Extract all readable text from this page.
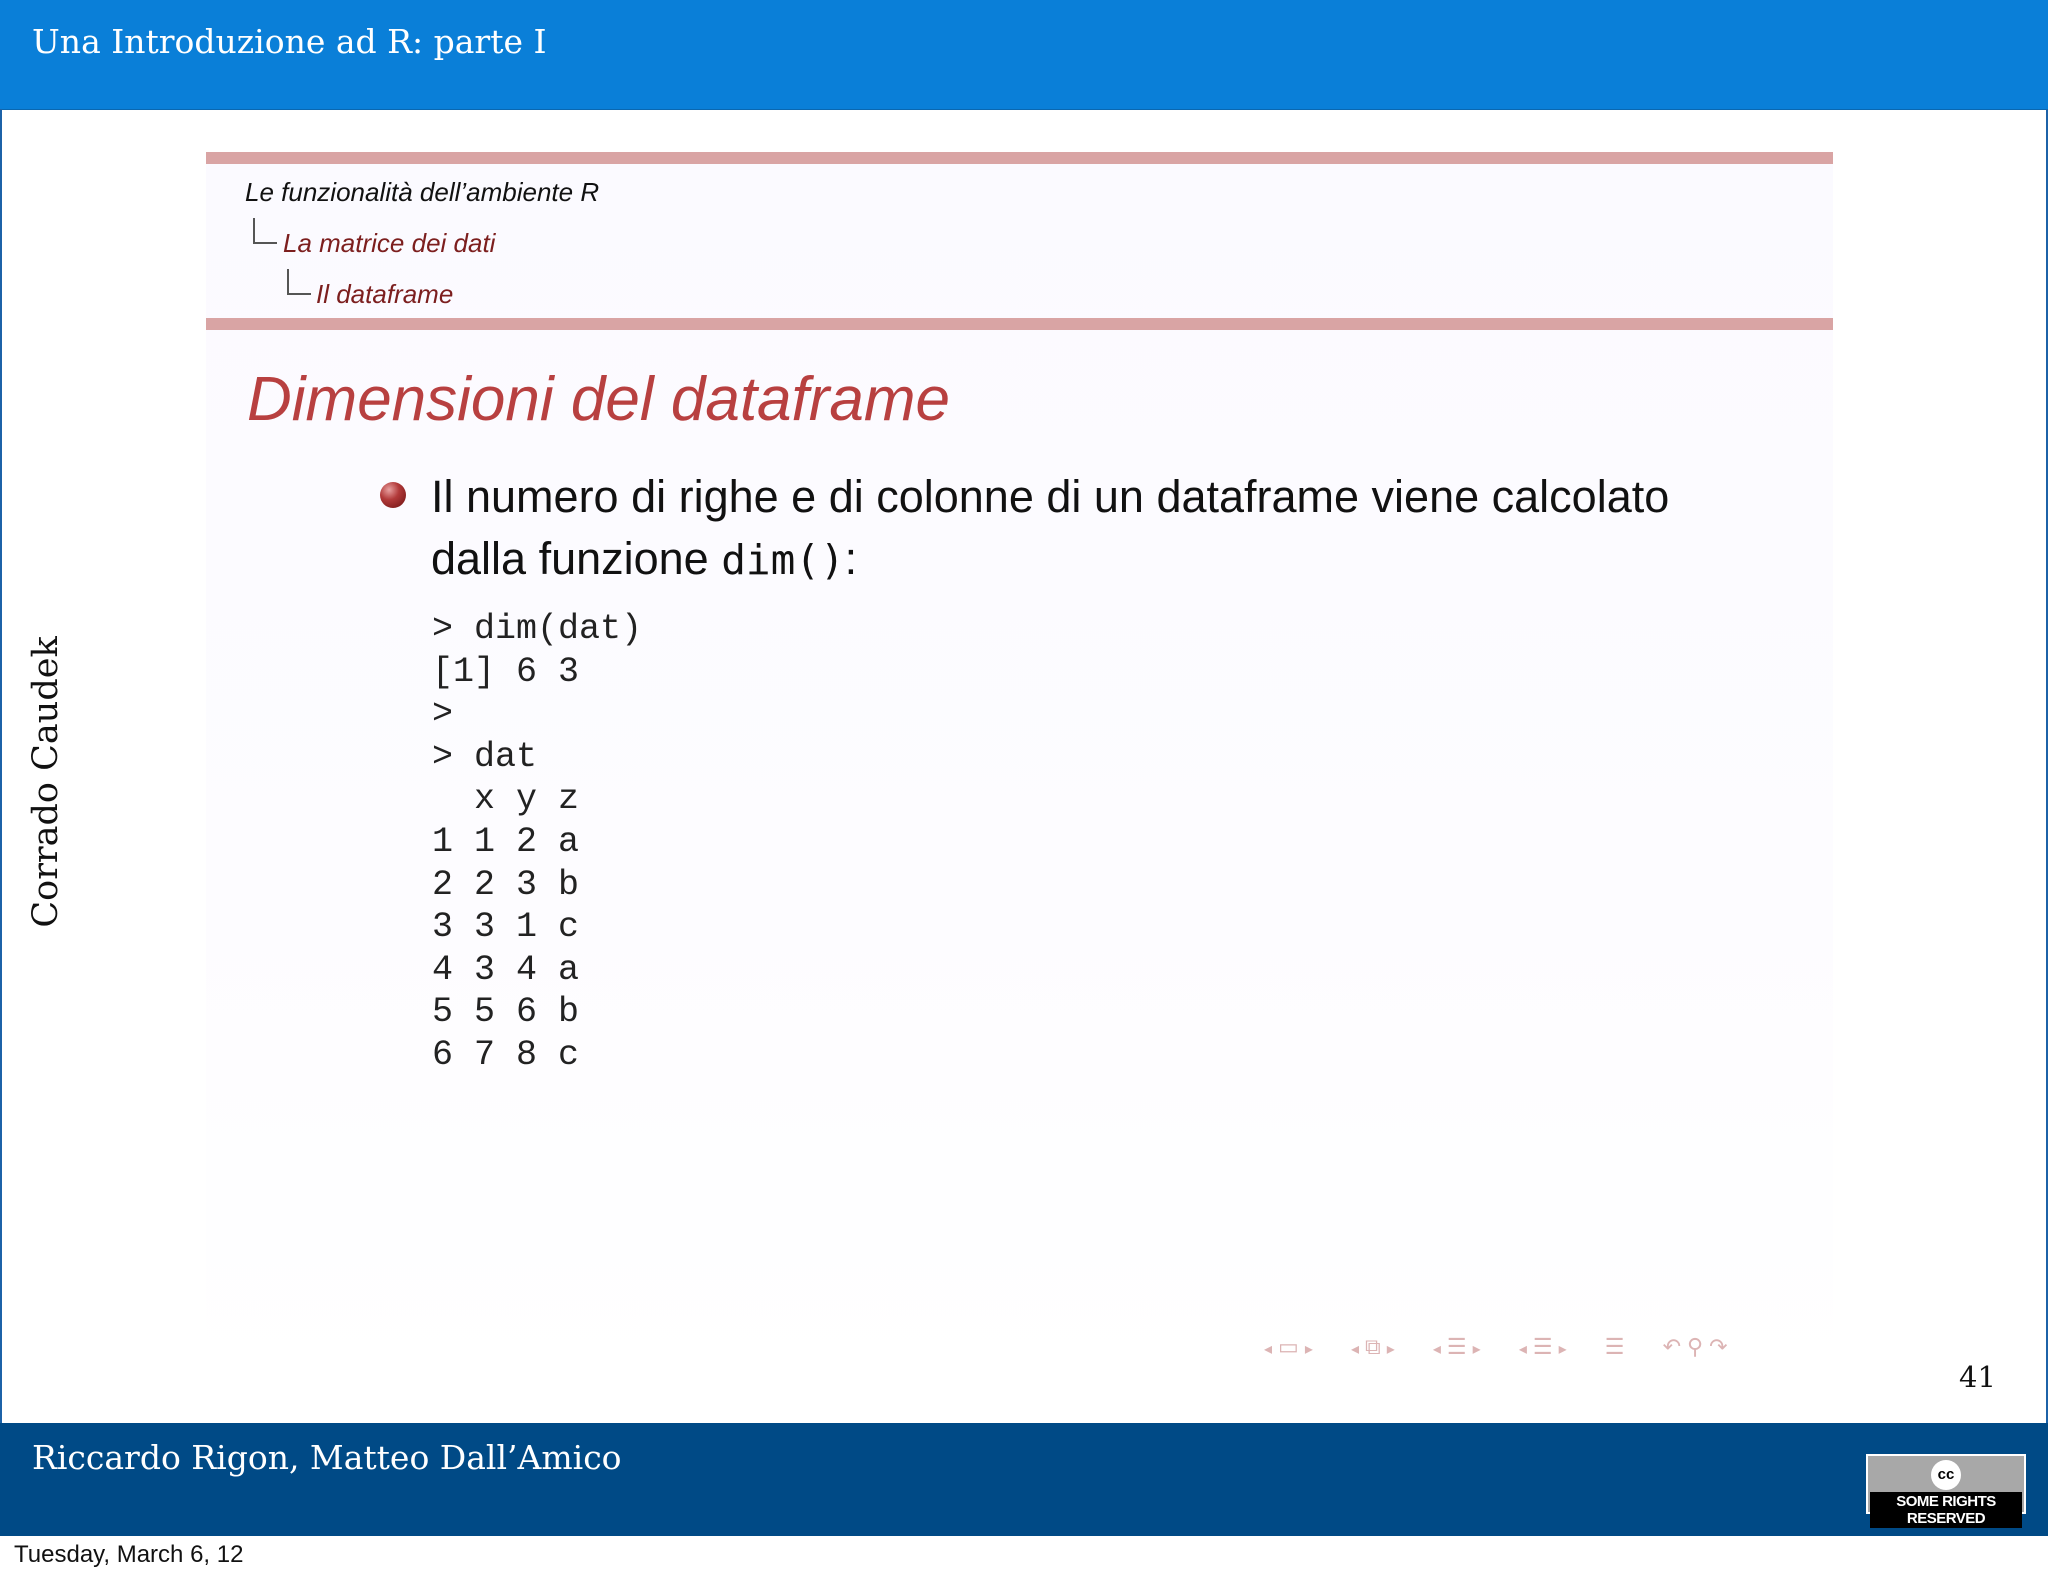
Una Introduzione ad R: parte I
Corrado Caudek
Le funzionalità dell’ambiente R
La matrice dei dati
Il dataframe
Dimensioni del dataframe
Il numero di righe e di colonne di un dataframe viene calcolato dalla funzione dim():
> dim(dat)
[1] 6 3
>
> dat
x y z
1 1 2 a
2 2 3 b
3 3 1 c
4 3 4 a
5 5 6 b
6 7 8 c
◂ ▭ ▸ ◂ ⧉ ▸ ◂ ☰ ▸ ◂ ☰ ▸ ☰ ↶ ⚲ ↷
41
Riccardo Rigon, Matteo Dall’Amico	cc
SOME RIGHTS RESERVED
Tuesday, March 6, 12
